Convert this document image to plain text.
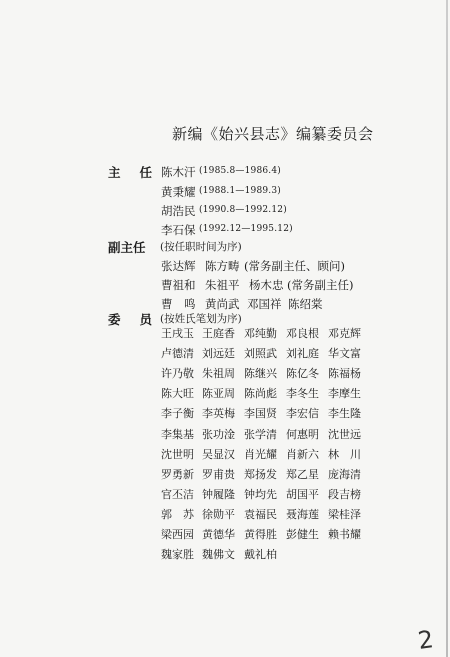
新编《始兴县志》编纂委员会
主 任 陈木汗 (1985.8—1986.4)
黄秉耀 (1988.1—1989.3)
胡浩民 (1990.8—1992.12)
李石保 (1992.12—1995.12)
副主任 (按任职时间为序)
张达辉 陈方畴 (常务副主任、顾问)
曹祖和 朱祖平 杨木忠 (常务副主任)
曹　鸣 黄尚武 邓国祥 陈绍棠
委 员 (按姓氏笔划为序)
王戌玉 王庭香 邓纯勤 邓良根 邓克辉
卢德清 刘远廷 刘照武 刘礼庭 华文富
许乃敬 朱祖周 陈继兴 陈亿冬 陈福杨
陈大旺 陈亚周 陈尚彪 李冬生 李摩生
李子衡 李英梅 李国贤 李宏信 李生隆
李集基 张功淦 张学清 何惠明 沈世远
沈世明 吴显汉 肖光耀 肖新六 林　川
罗勇新 罗甫贵 郑扬发 郑乙星 庞海清
官丕洁 钟履隆 钟均先 胡国平 段吉榜
郭　苏 徐勋平 袁福民 聂海莲 梁桂泽
梁西园 黄德华 黄得胜 彭健生 赖书耀
魏家胜 魏佛文 戴礼柏
2
